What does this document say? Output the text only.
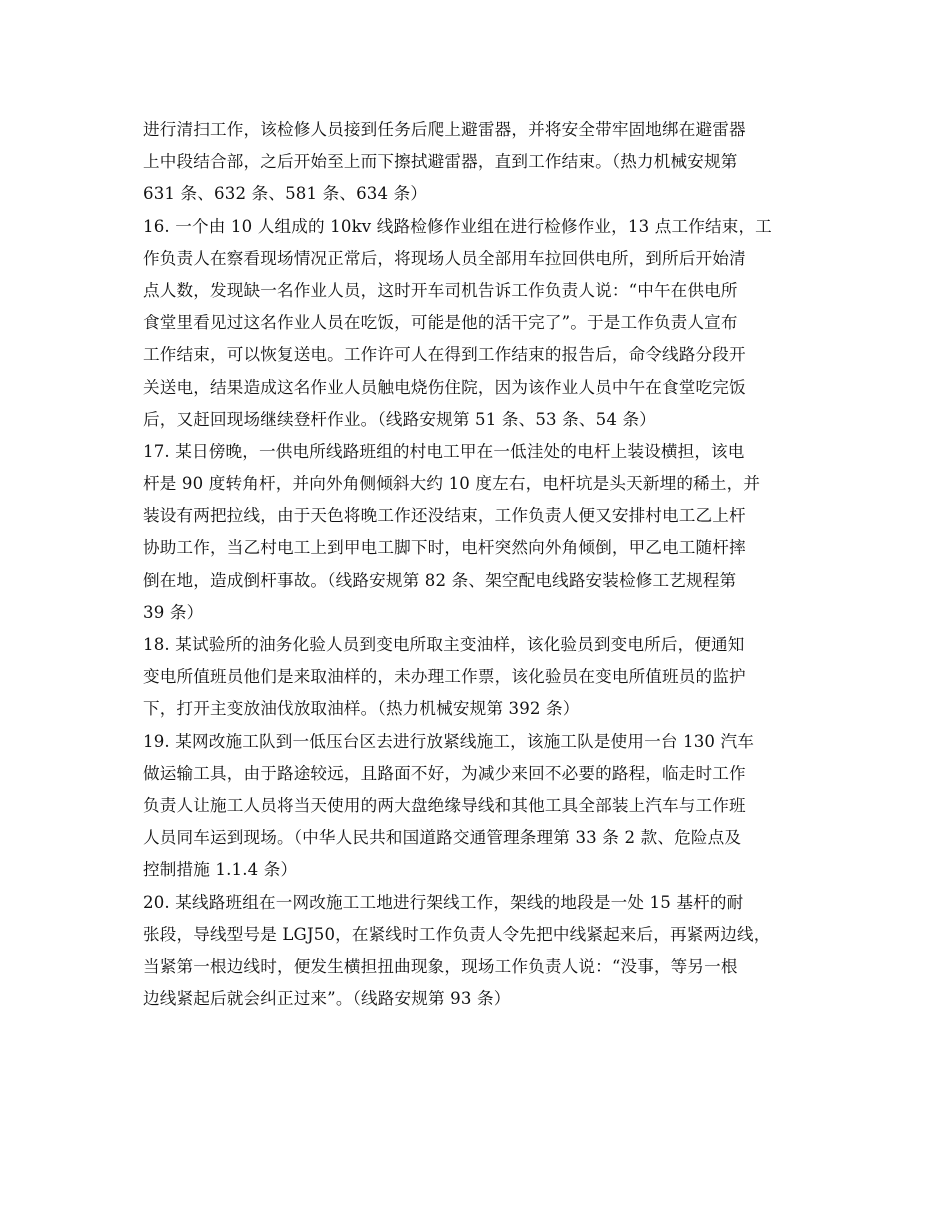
进行清扫工作，该检修人员接到任务后爬上避雷器，并将安全带牢固地绑在避雷器
上中段结合部，之后开始至上而下擦拭避雷器，直到工作结束。（热力机械安规第
631 条、632 条、581 条、634 条）
16. 一个由 10 人组成的 10kv 线路检修作业组在进行检修作业，13 点工作结束，工
作负责人在察看现场情况正常后，将现场人员全部用车拉回供电所，到所后开始清
点人数，发现缺一名作业人员，这时开车司机告诉工作负责人说：“中午在供电所
食堂里看见过这名作业人员在吃饭，可能是他的活干完了”。于是工作负责人宣布
工作结束，可以恢复送电。工作许可人在得到工作结束的报告后，命令线路分段开
关送电，结果造成这名作业人员触电烧伤住院，因为该作业人员中午在食堂吃完饭
后，又赶回现场继续登杆作业。（线路安规第 51 条、53 条、54 条）
17. 某日傍晚，一供电所线路班组的村电工甲在一低洼处的电杆上装设横担，该电
杆是 90 度转角杆，并向外角侧倾斜大约 10 度左右，电杆坑是头天新埋的稀土，并
装设有两把拉线，由于天色将晚工作还没结束，工作负责人便又安排村电工乙上杆
协助工作，当乙村电工上到甲电工脚下时，电杆突然向外角倾倒，甲乙电工随杆摔
倒在地，造成倒杆事故。（线路安规第 82 条、架空配电线路安装检修工艺规程第
39 条）
18. 某试验所的油务化验人员到变电所取主变油样，该化验员到变电所后，便通知
变电所值班员他们是来取油样的，未办理工作票，该化验员在变电所值班员的监护
下，打开主变放油伐放取油样。（热力机械安规第 392 条）
19. 某网改施工队到一低压台区去进行放紧线施工，该施工队是使用一台 130 汽车
做运输工具，由于路途较远，且路面不好，为减少来回不必要的路程，临走时工作
负责人让施工人员将当天使用的两大盘绝缘导线和其他工具全部装上汽车与工作班
人员同车运到现场。（中华人民共和国道路交通管理条理第 33 条 2 款、危险点及
控制措施 1.1.4 条）
20. 某线路班组在一网改施工工地进行架线工作，架线的地段是一处 15 基杆的耐
张段，导线型号是 LGJ50，在紧线时工作负责人令先把中线紧起来后，再紧两边线，
当紧第一根边线时，便发生横担扭曲现象，现场工作负责人说：“没事，等另一根
边线紧起后就会纠正过来”。（线路安规第 93 条）
